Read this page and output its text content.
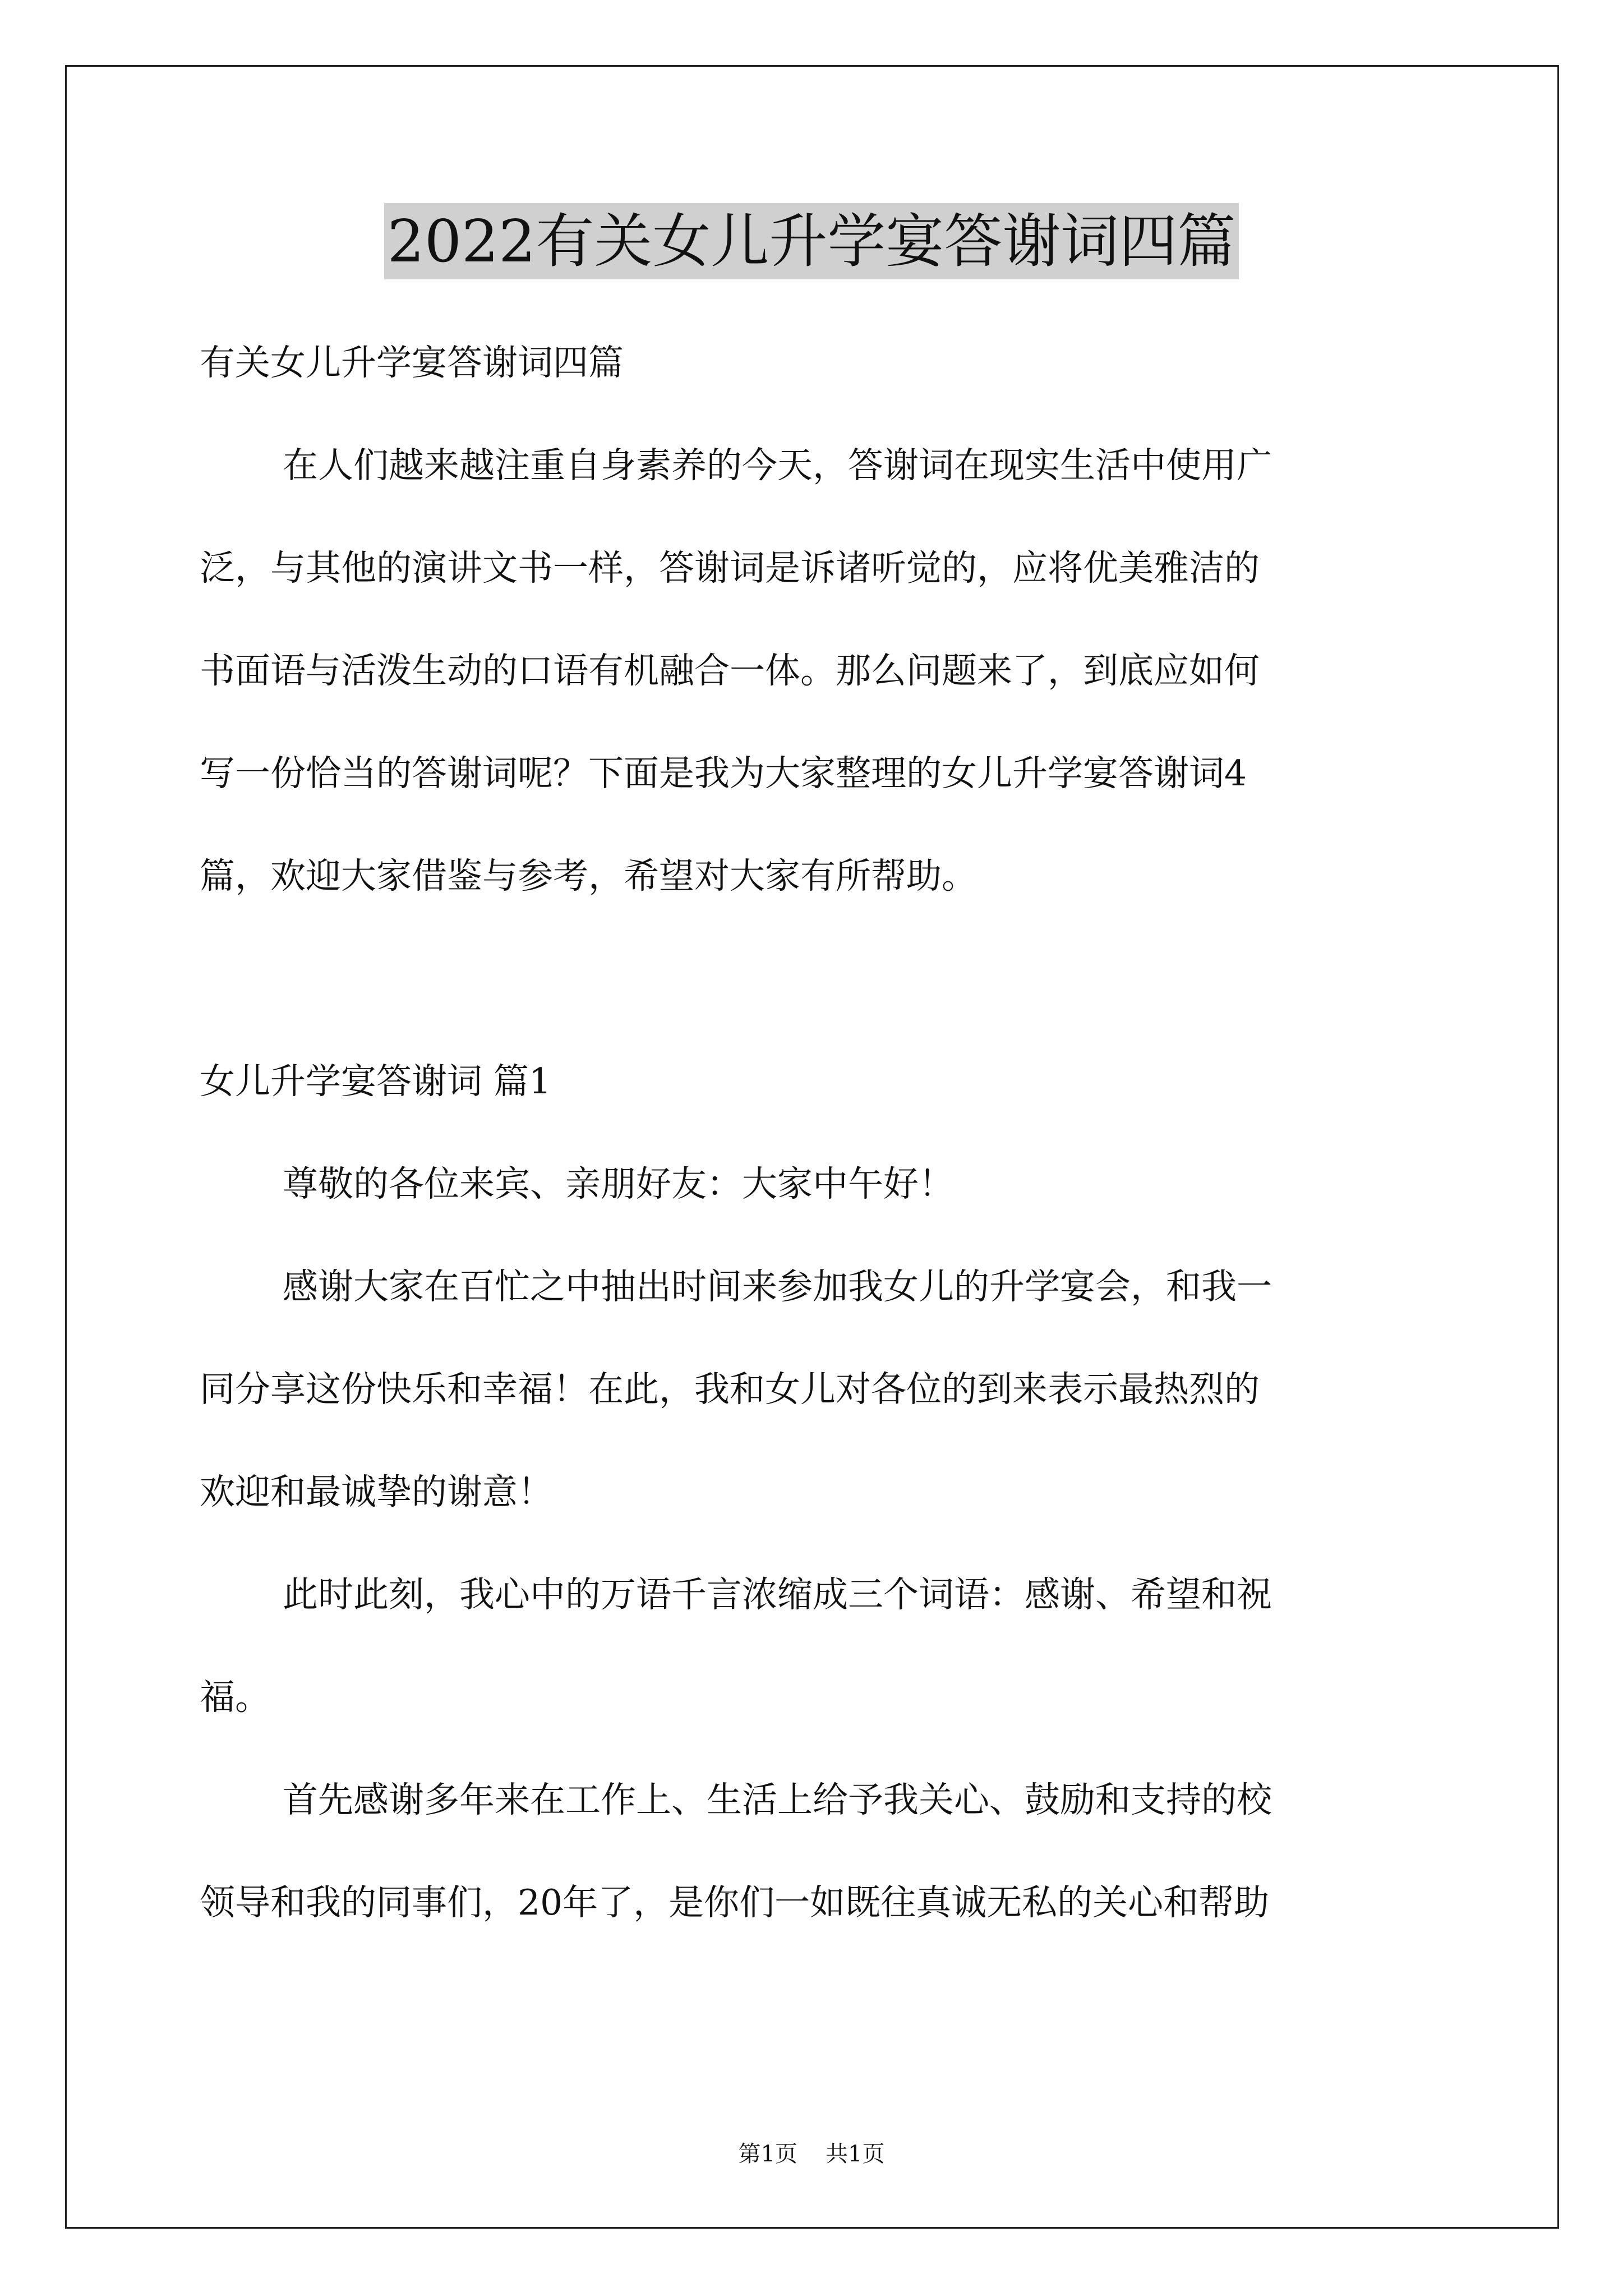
2022有关女儿升学宴答谢词四篇
有关女儿升学宴答谢词四篇
在人们越来越注重自身素养的今天，答谢词在现实生活中使用广
泛，与其他的演讲文书一样，答谢词是诉诸听觉的，应将优美雅洁的
书面语与活泼生动的口语有机融合一体。那么问题来了，到底应如何
写一份恰当的答谢词呢？下面是我为大家整理的女儿升学宴答谢词4
篇，欢迎大家借鉴与参考，希望对大家有所帮助。
女儿升学宴答谢词 篇1
尊敬的各位来宾、亲朋好友：大家中午好！
感谢大家在百忙之中抽出时间来参加我女儿的升学宴会，和我一
同分享这份快乐和幸福！在此，我和女儿对各位的到来表示最热烈的
欢迎和最诚挚的谢意！
此时此刻，我心中的万语千言浓缩成三个词语：感谢、希望和祝
福。
首先感谢多年来在工作上、生活上给予我关心、鼓励和支持的校
领导和我的同事们，20年了，是你们一如既往真诚无私的关心和帮助
第1页 共1页
